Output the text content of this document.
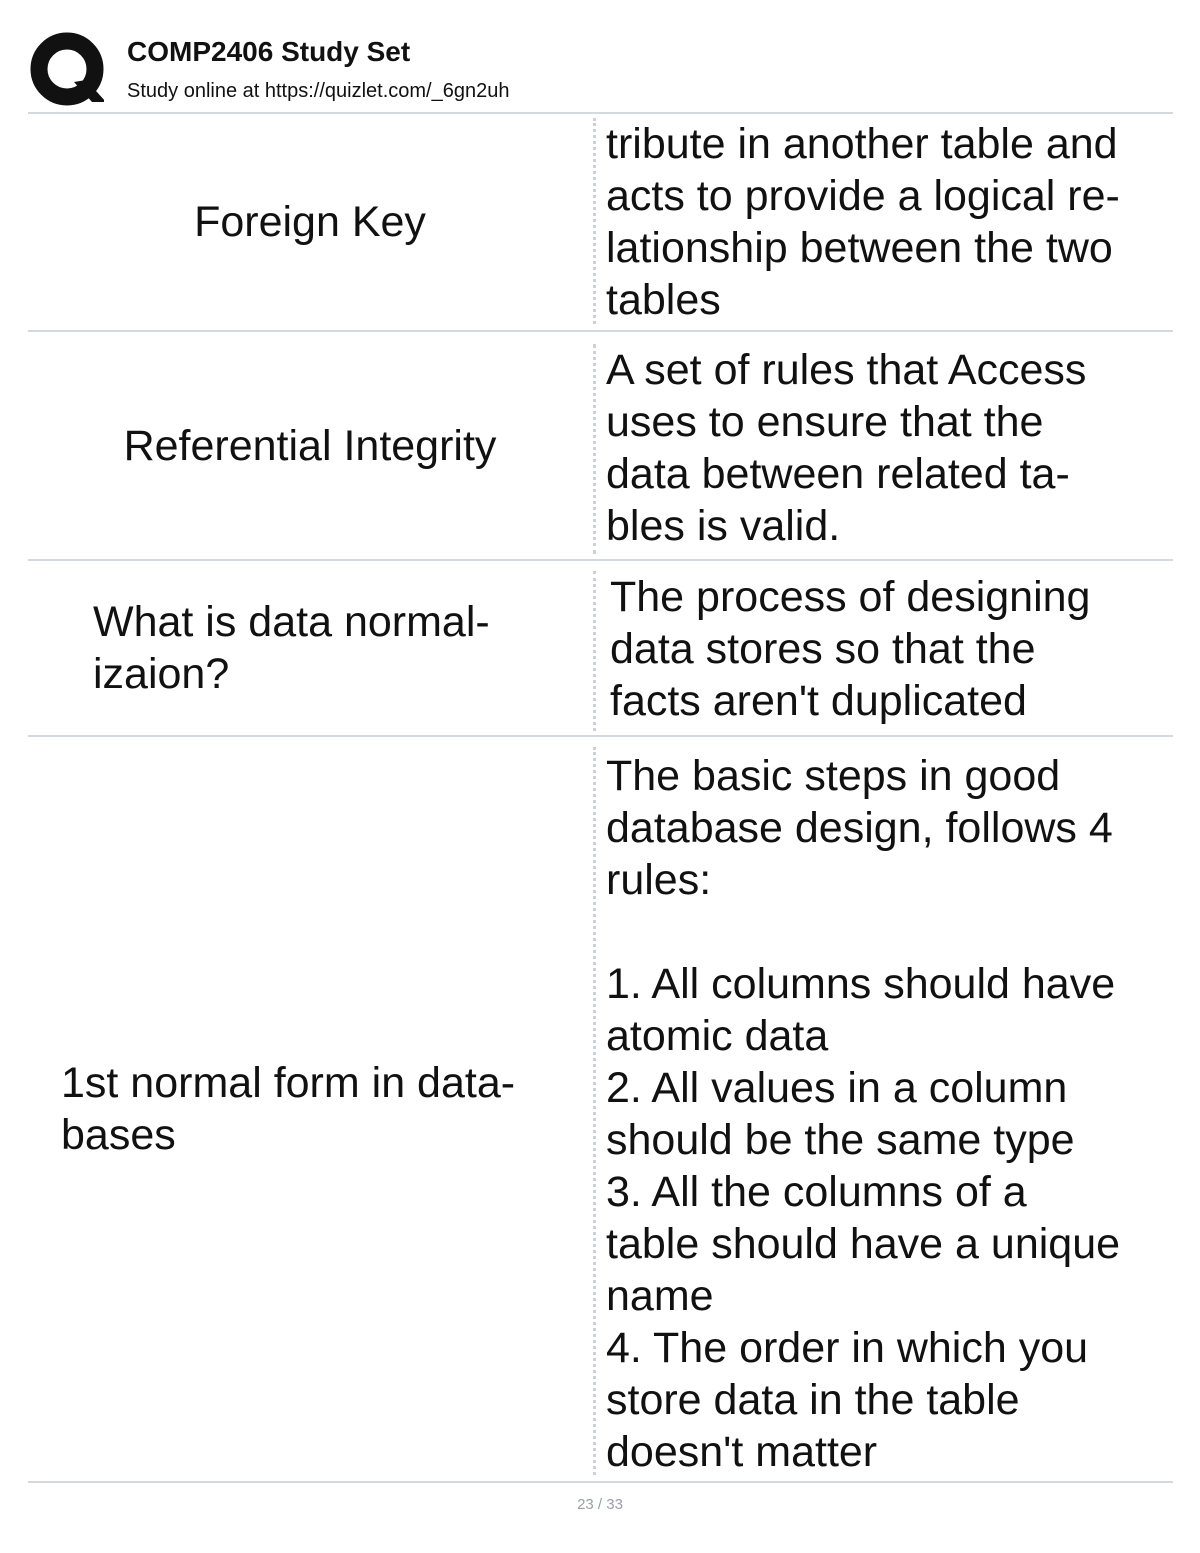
COMP2406 Study Set
Study online at https://quizlet.com/_6gn2uh
Foreign Key
tribute in another table and
acts to provide a logical re-
lationship between the two
tables
Referential Integrity
A set of rules that Access
uses to ensure that the
data between related ta-
bles is valid.
What is data normal-
izaion?
The process of designing
data stores so that the
facts aren't duplicated
1st normal form in data-
bases
The basic steps in good
database design, follows 4
rules:

1. All columns should have
atomic data
2. All values in a column
should be the same type
3. All the columns of a
table should have a unique
name
4. The order in which you
store data in the table
doesn't matter
23 / 33
